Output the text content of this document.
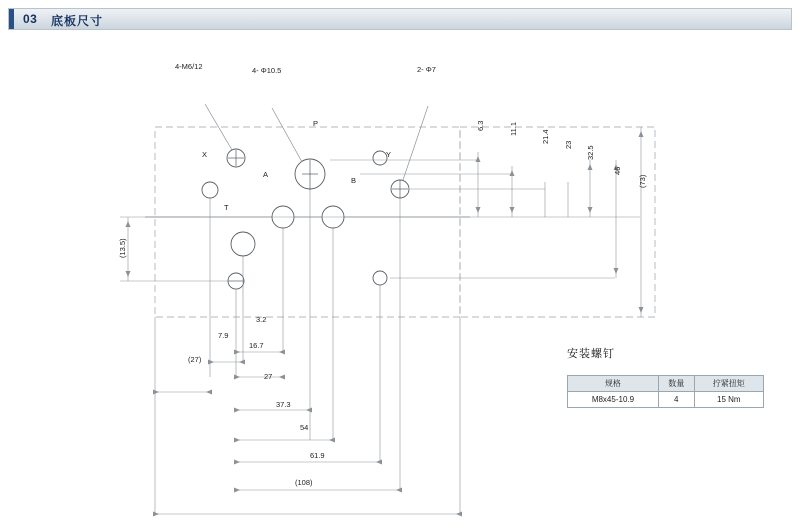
03 底板尺寸
4-M6/12	4- Φ10.5	2- Φ7
P
X	Y
A
B
T
6.3	11.1
21.4
23
32.5
46
(73)
(13.5)
3.2
7.9
16.7
(27)
27
37.3
54
61.9
(108)
安装螺钉
规格	数量	拧紧扭矩
M8x45-10.9	4	15 Nm
